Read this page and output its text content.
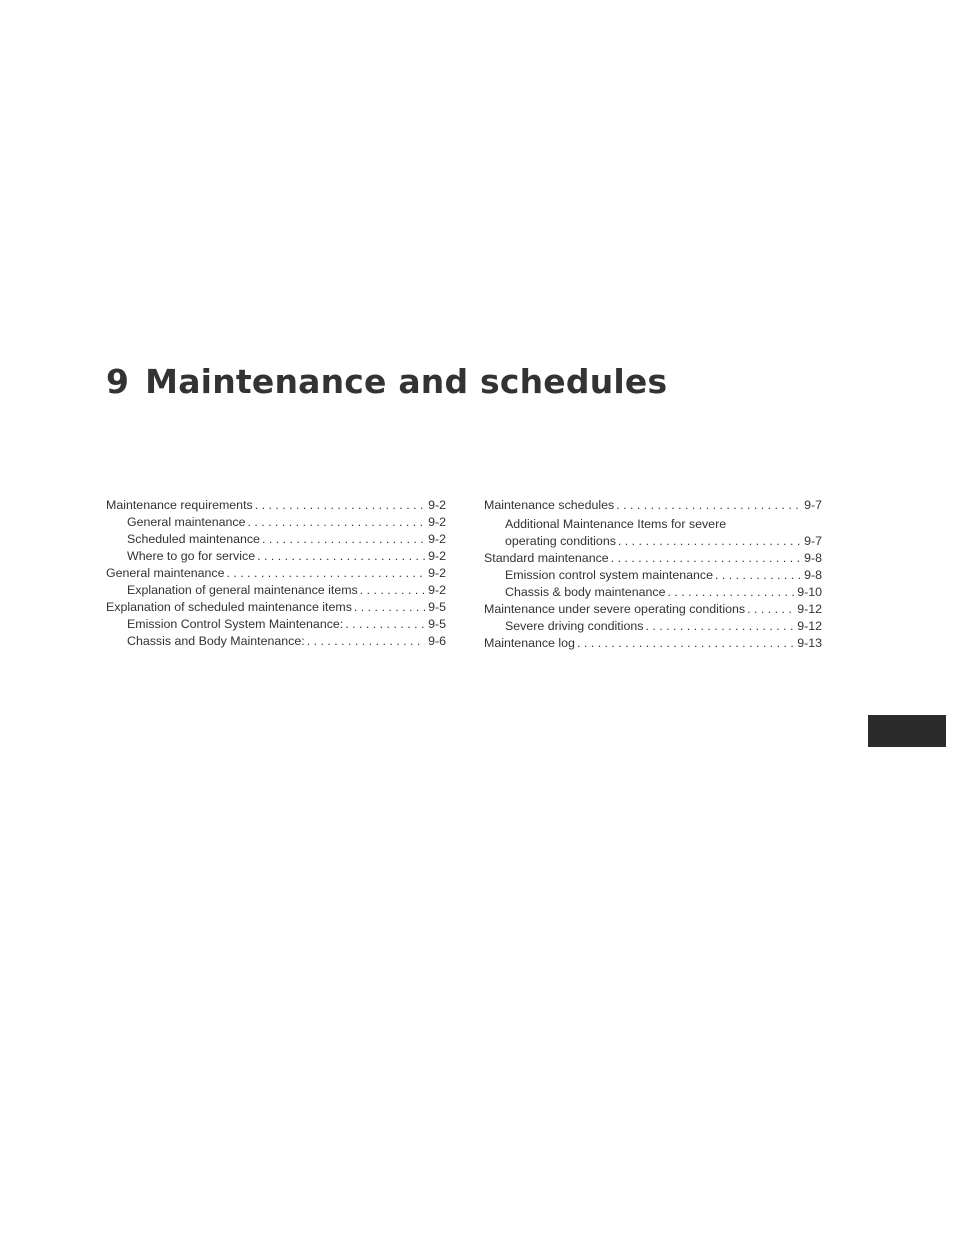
9 Maintenance and schedules
Maintenance requirements . . .	9-2
General maintenance . . .	9-2
Scheduled maintenance . . .	9-2
Where to go for service . . .	9-2
General maintenance . . .	9-2
Explanation of general maintenance items . . .	9-2
Explanation of scheduled maintenance items . . .	9-5
Emission Control System Maintenance: . . .	9-5
Chassis and Body Maintenance: . . .	9-6
Maintenance schedules . . .	9-7
Additional Maintenance Items for severe
operating conditions . . .	9-7
Standard maintenance . . .	9-8
Emission control system maintenance . . .	9-8
Chassis & body maintenance . . .	9-10
Maintenance under severe operating conditions . . .	9-12
Severe driving conditions . . .	9-12
Maintenance log . . .	9-13
